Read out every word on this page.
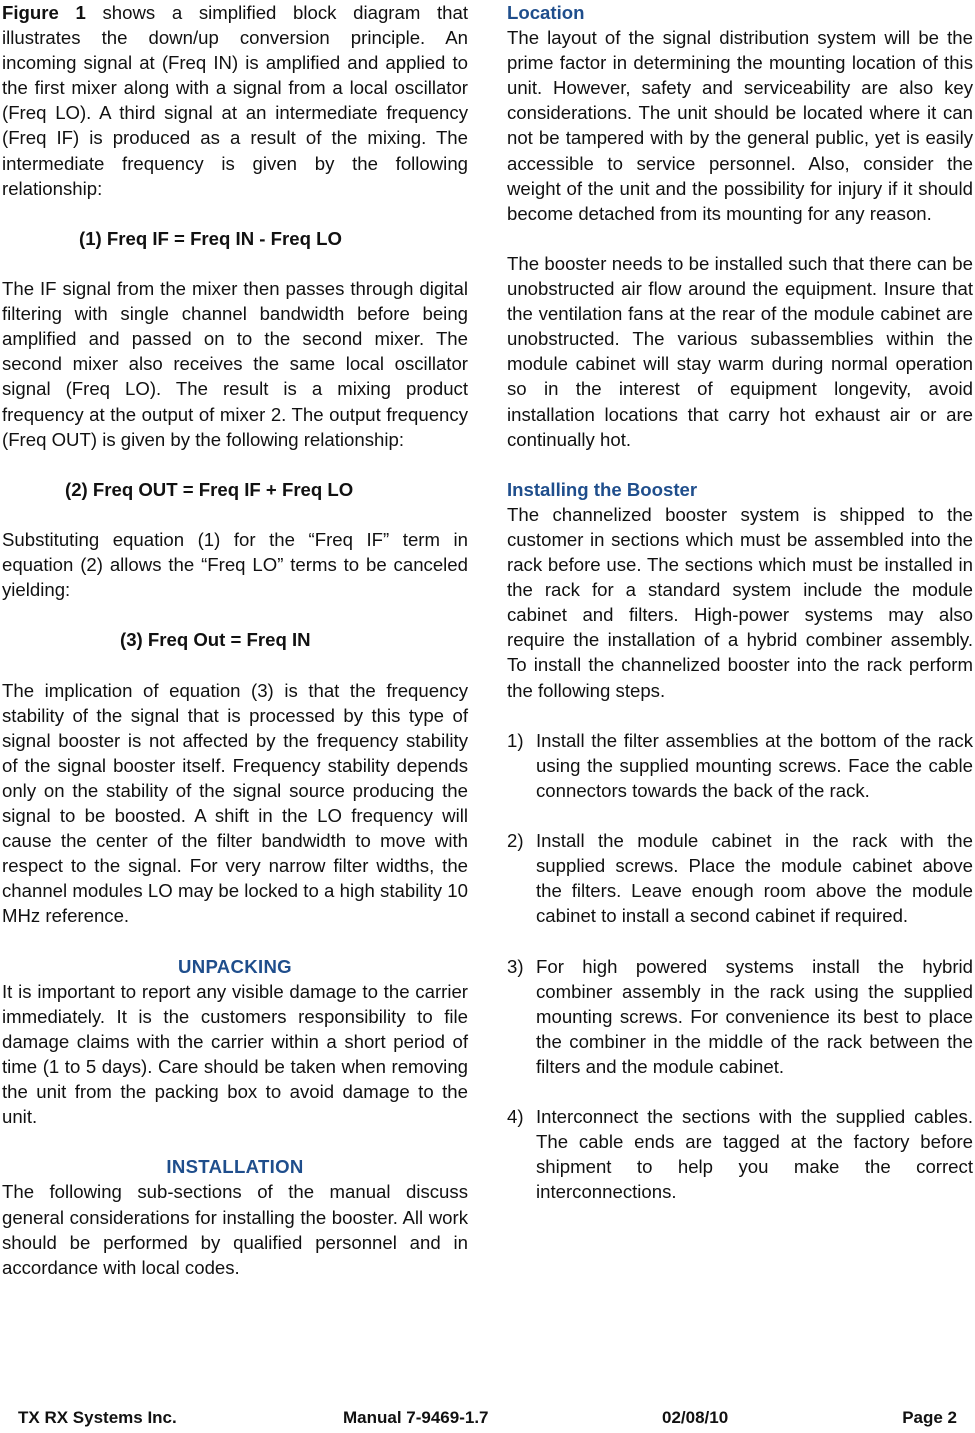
Figure 1 shows a simplified block diagram that illustrates the down/up conversion principle. An incoming signal at (Freq IN) is amplified and applied to the first mixer along with a signal from a local oscillator (Freq LO). A third signal at an intermediate frequency (Freq IF) is produced as a result of the mixing. The intermediate frequency is given by the following relationship:

(1) Freq IF = Freq IN - Freq LO

The IF signal from the mixer then passes through digital filtering with single channel bandwidth before being amplified and passed on to the second mixer. The second mixer also receives the same local oscillator signal (Freq LO). The result is a mixing product frequency at the output of mixer 2. The output frequency (Freq OUT) is given by the following relationship:

(2) Freq OUT = Freq IF + Freq LO

Substituting equation (1) for the “Freq IF” term in equation (2) allows the “Freq LO” terms to be canceled yielding:

(3) Freq Out = Freq IN

The implication of equation (3) is that the frequency stability of the signal that is processed by this type of signal booster is not affected by the frequency stability of the signal booster itself. Frequency stability depends only on the stability of the signal source producing the signal to be boosted. A shift in the LO frequency will cause the center of the filter bandwidth to move with respect to the signal. For very narrow filter widths, the channel modules LO may be locked to a high stability 10 MHz reference.

UNPACKING

It is important to report any visible damage to the carrier immediately. It is the customers responsibility to file damage claims with the carrier within a short period of time (1 to 5 days). Care should be taken when removing the unit from the packing box to avoid damage to the unit.

INSTALLATION

The following sub-sections of the manual discuss general considerations for installing the booster. All work should be performed by qualified personnel and in accordance with local codes.

Location

The layout of the signal distribution system will be the prime factor in determining the mounting location of this unit. However, safety and serviceability are also key considerations. The unit should be located where it can not be tampered with by the general public, yet is easily accessible to service personnel. Also, consider the weight of the unit and the possibility for injury if it should become detached from its mounting for any reason.

The booster needs to be installed such that there can be unobstructed air flow around the equipment. Insure that the ventilation fans at the rear of the module cabinet are unobstructed. The various subassemblies within the module cabinet will stay warm during normal operation so in the interest of equipment longevity, avoid installation locations that carry hot exhaust air or are continually hot.

Installing the Booster

The channelized booster system is shipped to the customer in sections which must be assembled into the rack before use. The sections which must be installed in the rack for a standard system include the module cabinet and filters. High-power systems may also require the installation of a hybrid combiner assembly. To install the channelized booster into the rack perform the following steps.

1) Install the filter assemblies at the bottom of the rack using the supplied mounting screws. Face the cable connectors towards the back of the rack.
2) Install the module cabinet in the rack with the supplied screws. Place the module cabinet above the filters. Leave enough room above the module cabinet to install a second cabinet if required.
3) For high powered systems install the hybrid combiner assembly in the rack using the supplied mounting screws. For convenience its best to place the combiner in the middle of the rack between the filters and the module cabinet.
4) Interconnect the sections with the supplied cables. The cable ends are tagged at the factory before shipment to help you make the correct interconnections.
TX RX Systems Inc.	Manual 7-9469-1.7	02/08/10	Page 2
